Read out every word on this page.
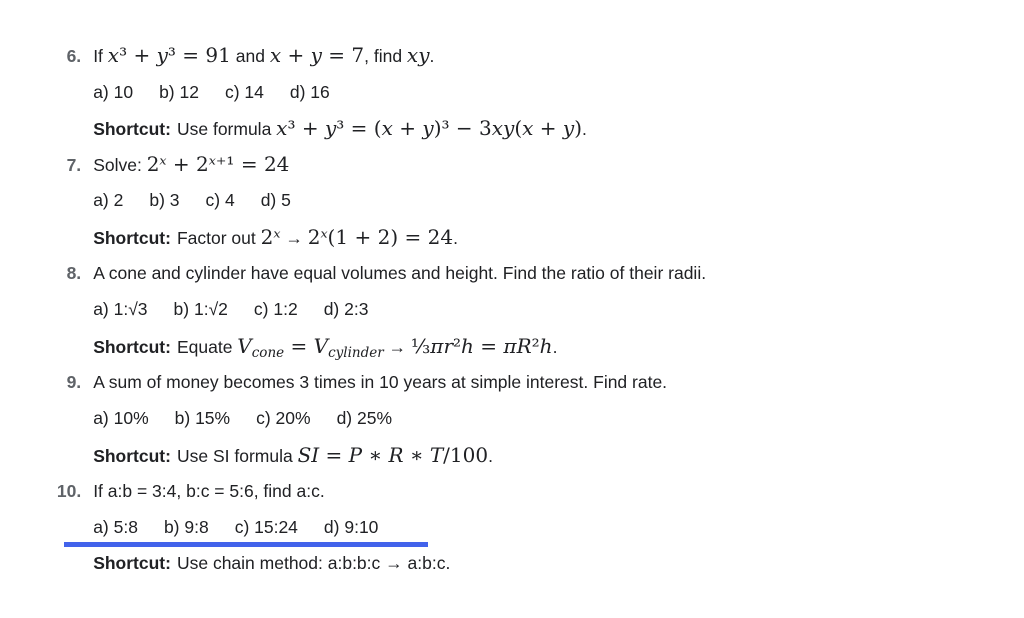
6. If x³ + y³ = 91 and x + y = 7, find xy.

a) 10 b) 12 c) 14 d) 16

Shortcut: Use formula x³ + y³ = (x + y)³ − 3xy(x + y).

7. Solve: 2ˣ + 2ˣ⁺¹ = 24

a) 2 b) 3 c) 4 d) 5

Shortcut: Factor out 2ˣ → 2ˣ(1 + 2) = 24.

8. A cone and cylinder have equal volumes and height. Find the ratio of their radii.

a) 1:√3 b) 1:√2 c) 1:2 d) 2:3

Shortcut: Equate $V_{cone} = V_{cylinder}$ → ⅓πr²h = πR²h.

9. A sum of money becomes 3 times in 10 years at simple interest. Find rate.

a) 10% b) 15% c) 20% d) 25%

Shortcut: Use SI formula SI = P ∗ R ∗ T/100.

10. If a:b = 3:4, b:c = 5:6, find a:c.

a) 5:8 b) 9:8 c) 15:24 d) 9:10

Shortcut: Use chain method: a:b:b:c → a:b:c.
